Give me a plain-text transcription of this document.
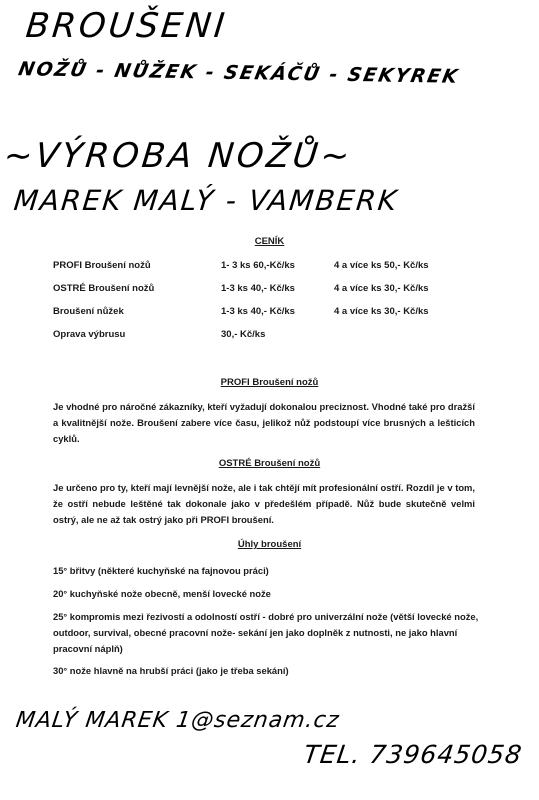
BROUŠENI
NOŽŮ - NŮŽEK - SEKÁČŮ - SEKYREK
~VÝROBA NOŽŮ~
MAREK MALÝ - VAMBERK
CENÍK
PROFI Broušení nožů	1- 3 ks 60,-Kč/ks	4 a více ks 50,- Kč/ks
OSTRÉ Broušení nožů	1-3 ks 40,- Kč/ks	4 a více ks 30,- Kč/ks
Broušení nůžek	1-3 ks 40,- Kč/ks	4 a více ks 30,- Kč/ks
Oprava výbrusu	30,- Kč/ks
PROFI Broušení nožů
Je vhodné pro náročné zákazníky, kteří vyžadují dokonalou preciznost. Vhodné také pro dražší a kvalitnější nože. Broušení zabere více času, jelikož nůž podstoupí více brusných a lešticích cyklů.
OSTRÉ Broušení nožů
Je určeno pro ty, kteří mají levnější nože, ale i tak chtějí mít profesionální ostří. Rozdíl je v tom, že ostří nebude leštěné tak dokonale jako v předešlém případě. Nůž bude skutečně velmi ostrý, ale ne až tak ostrý jako při PROFI broušení.
Úhly broušení
15° břitvy (některé kuchyňské na fajnovou práci)
20° kuchyňské nože obecně, menší lovecké nože
25° kompromis mezi řezivostí a odolností ostří - dobré pro univerzální nože (větší lovecké nože, outdoor, survival, obecné pracovní nože- sekání jen jako doplněk z nutnosti, ne jako hlavní pracovní náplň)
30° nože hlavně na hrubší práci (jako je třeba sekání)
MALÝ MAREK 1@seznam.cz
TEL. 739645058
